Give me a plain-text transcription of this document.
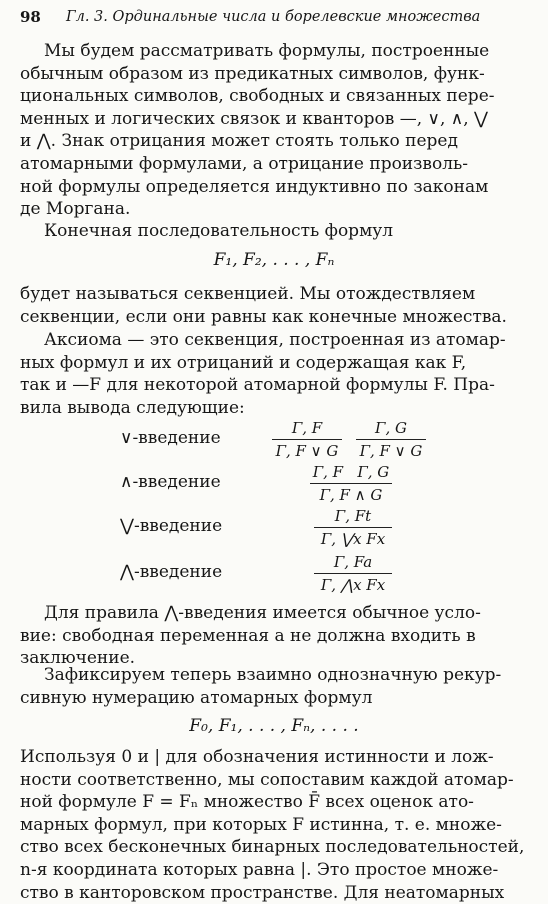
98 Гл. 3. Ординальные числа и борелевские множества
Мы будем рассматривать формулы, построенные
обычным образом из предикатных символов, функ-
циональных символов, свободных и связанных пере-
менных и логических связок и кванторов —, ∨, ∧, ⋁
и ⋀. Знак отрицания может стоять только перед
атомарными формулами, а отрицание произволь-
ной формулы определяется индуктивно по законам
де Моргана.
Конечная последовательность формул
F₁, F₂, . . . , Fₙ
будет называться секвенцией. Мы отождествляем
секвенции, если они равны как конечные множества.
Аксиома — это секвенция, построенная из атомар-
ных формул и их отрицаний и содержащая как F,
так и —F для некоторой атомарной формулы F. Пра-
вила вывода следующие:
∨-введение	Γ, F
Γ, F ∨ G
Γ, G
Γ, F ∨ G
∧-введение	Γ, F   Γ, G
Γ, F ∧ G
⋁-введение	Γ, Ft
Γ, ⋁x Fx
⋀-введение	Γ, Fa
Γ, ⋀x Fx
Для правила ⋀-введения имеется обычное усло-
вие: свободная переменная a не должна входить в
заключение.
Зафиксируем теперь взаимно однозначную рекур-
сивную нумерацию атомарных формул
F₀, F₁, . . . , Fₙ, . . . .
Используя 0 и | для обозначения истинности и лож-
ности соответственно, мы сопоставим каждой атомар-
ной формуле F = Fₙ множество F̄ всех оценок ато-
марных формул, при которых F истинна, т. е. множе-
ство всех бесконечных бинарных последовательностей,
n-я координата которых равна |. Это простое множе-
ство в канторовском пространстве. Для неатомарных
